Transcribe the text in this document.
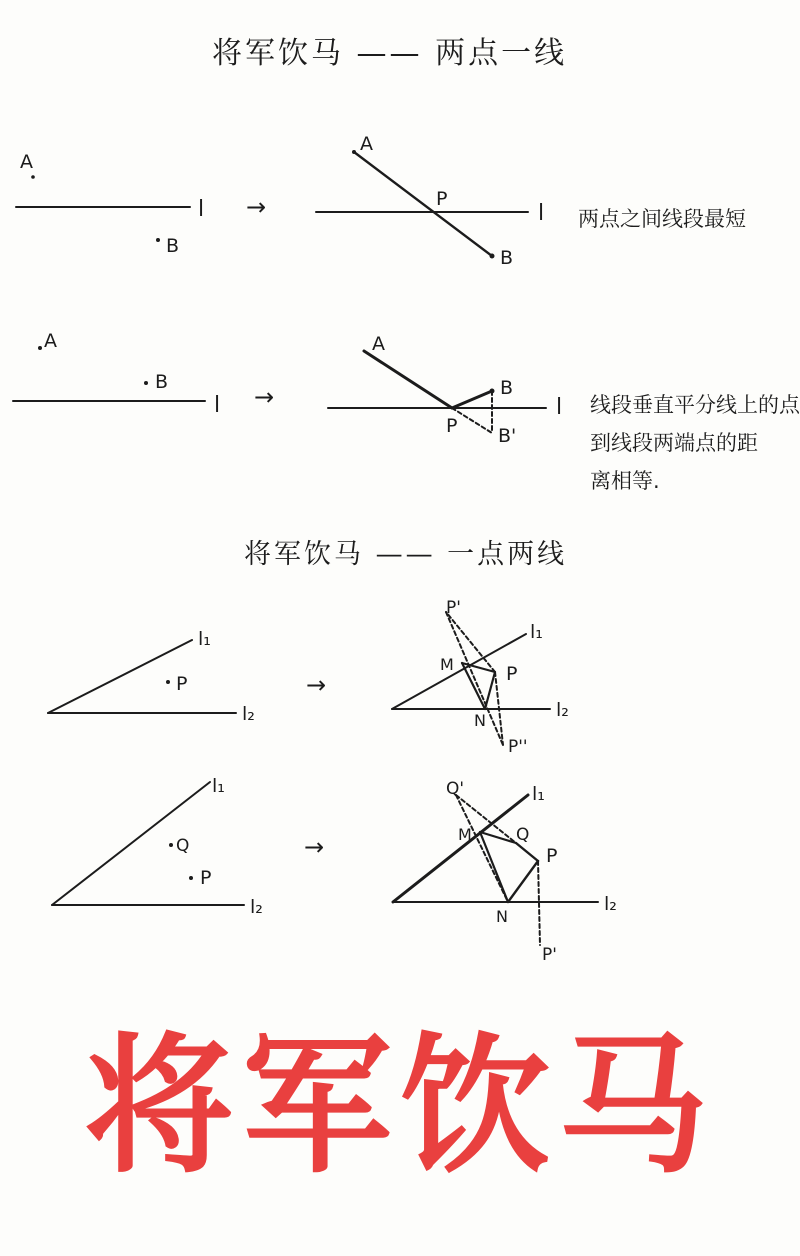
将军饮马 —— 两点一线
将军饮马 —— 一点两线
两点之间线段最短
线段垂直平分线上的点
到线段两端点的距
离相等.
A
B
l
A
P
B
l
A
B
l
A
B
P B'
l
P
l₁
l₂
P'
l₁
M	P
N	l₂
P''
l₁
Q
P
l₂
Q'	l₁
M	Q
P
N
l₂
P'
→
→
→
→
将军饮马
